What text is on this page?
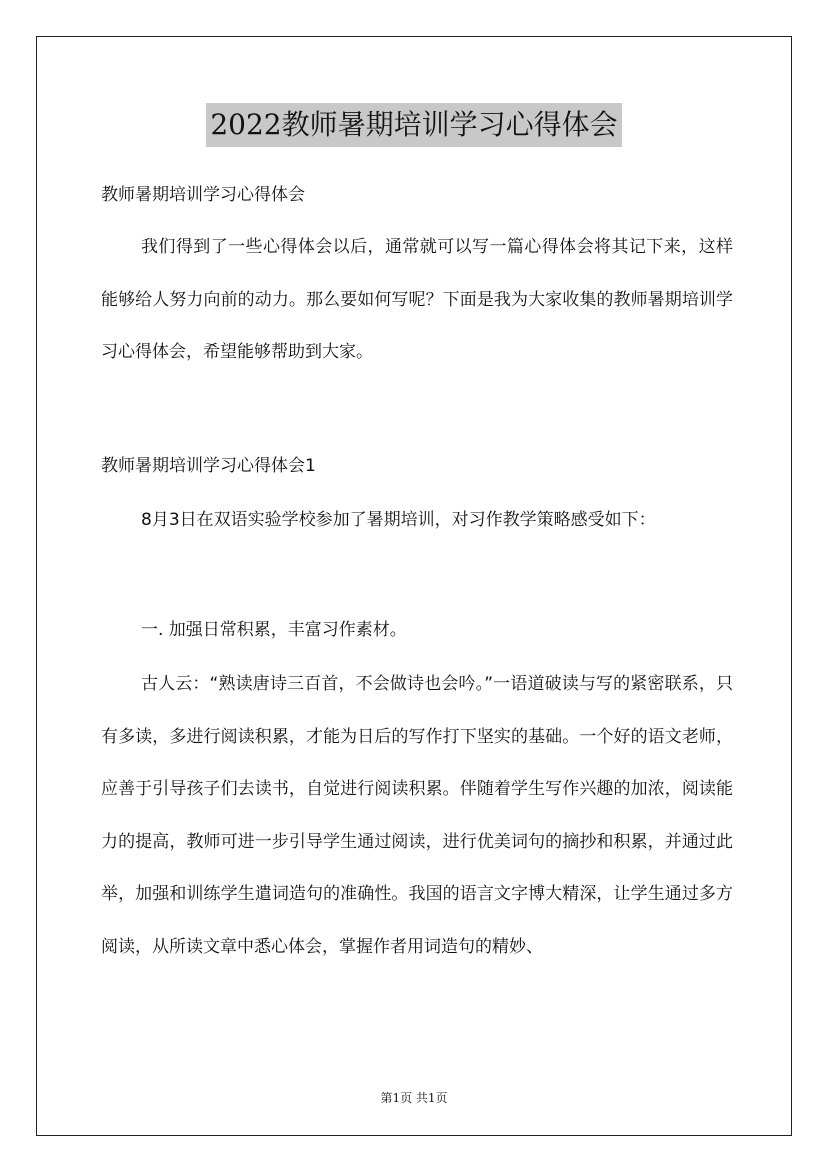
2022教师暑期培训学习心得体会

教师暑期培训学习心得体会

我们得到了一些心得体会以后，通常就可以写一篇心得体会将其记下来，这样能够给人努力向前的动力。那么要如何写呢？下面是我为大家收集的教师暑期培训学习心得体会，希望能够帮助到大家。

教师暑期培训学习心得体会1

8月3日在双语实验学校参加了暑期培训，对习作教学策略感受如下：

一. 加强日常积累，丰富习作素材。

古人云：“熟读唐诗三百首，不会做诗也会吟。”一语道破读与写的紧密联系，只有多读，多进行阅读积累，才能为日后的写作打下坚实的基础。一个好的语文老师，应善于引导孩子们去读书，自觉进行阅读积累。伴随着学生写作兴趣的加浓，阅读能力的提高，教师可进一步引导学生通过阅读，进行优美词句的摘抄和积累，并通过此举，加强和训练学生遣词造句的准确性。我国的语言文字博大精深，让学生通过多方阅读，从所读文章中悉心体会，掌握作者用词造句的精妙、

第1页 共1页
